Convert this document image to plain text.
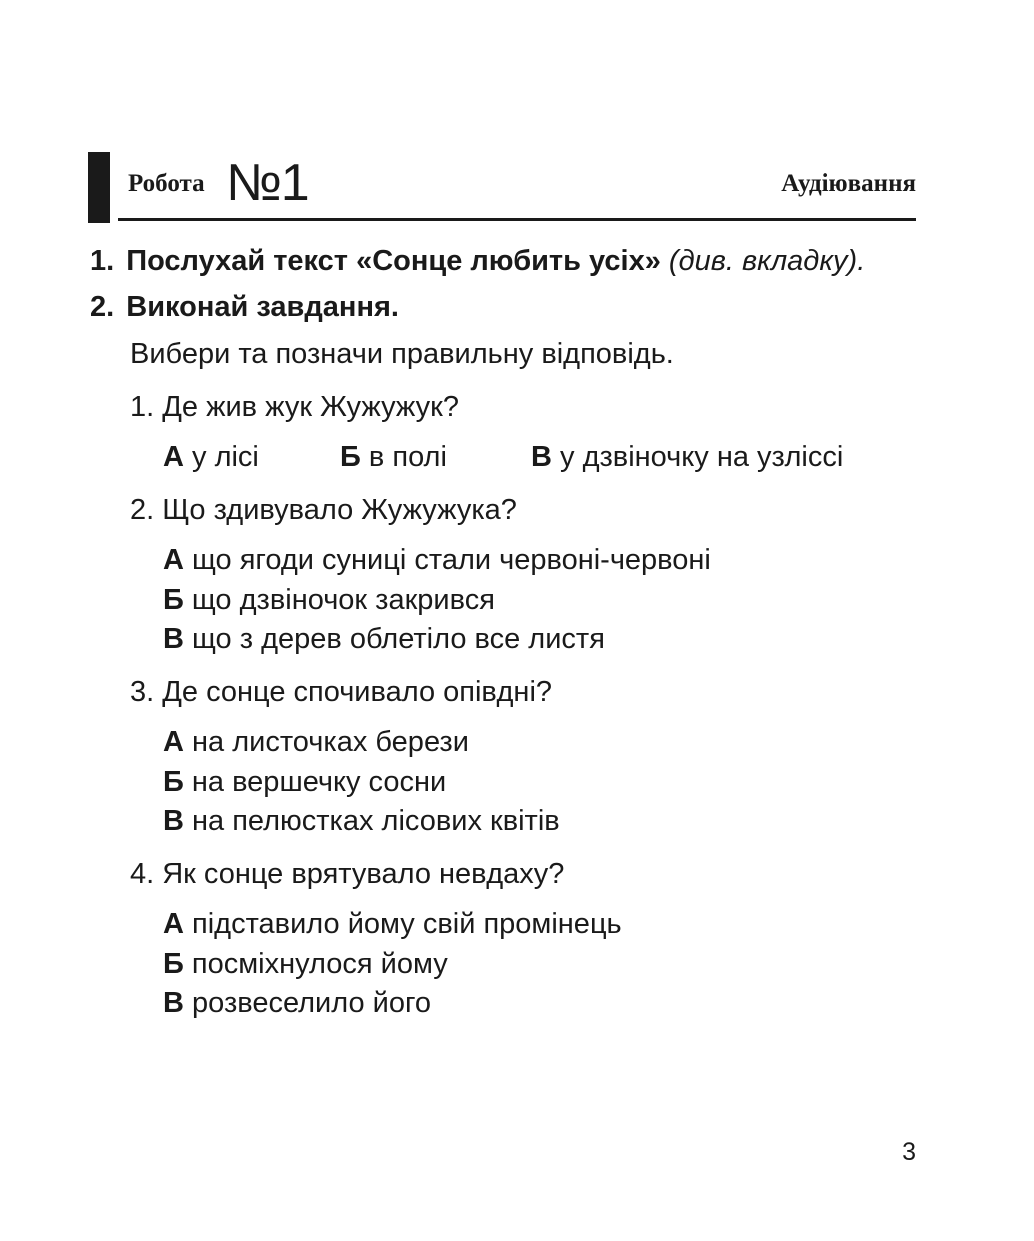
Робота №1	Аудіювання
1. Послухай текст «Сонце любить усіх» (див. вкладку).
2. Виконай завдання.
Вибери та позначи правильну відповідь.
1. Де жив жук Жужужук?
А у лісі	Б в полі	В у дзвіночку на узліссі
2. Що здивувало Жужужука?
А що ягоди суниці стали червоні-червоні
Б що дзвіночок закрився
В що з дерев облетіло все листя
3. Де сонце спочивало опівдні?
А на листочках берези
Б на вершечку сосни
В на пелюстках лісових квітів
4. Як сонце врятувало невдаху?
А підставило йому свій промінець
Б посміхнулося йому
В розвеселило його
3
